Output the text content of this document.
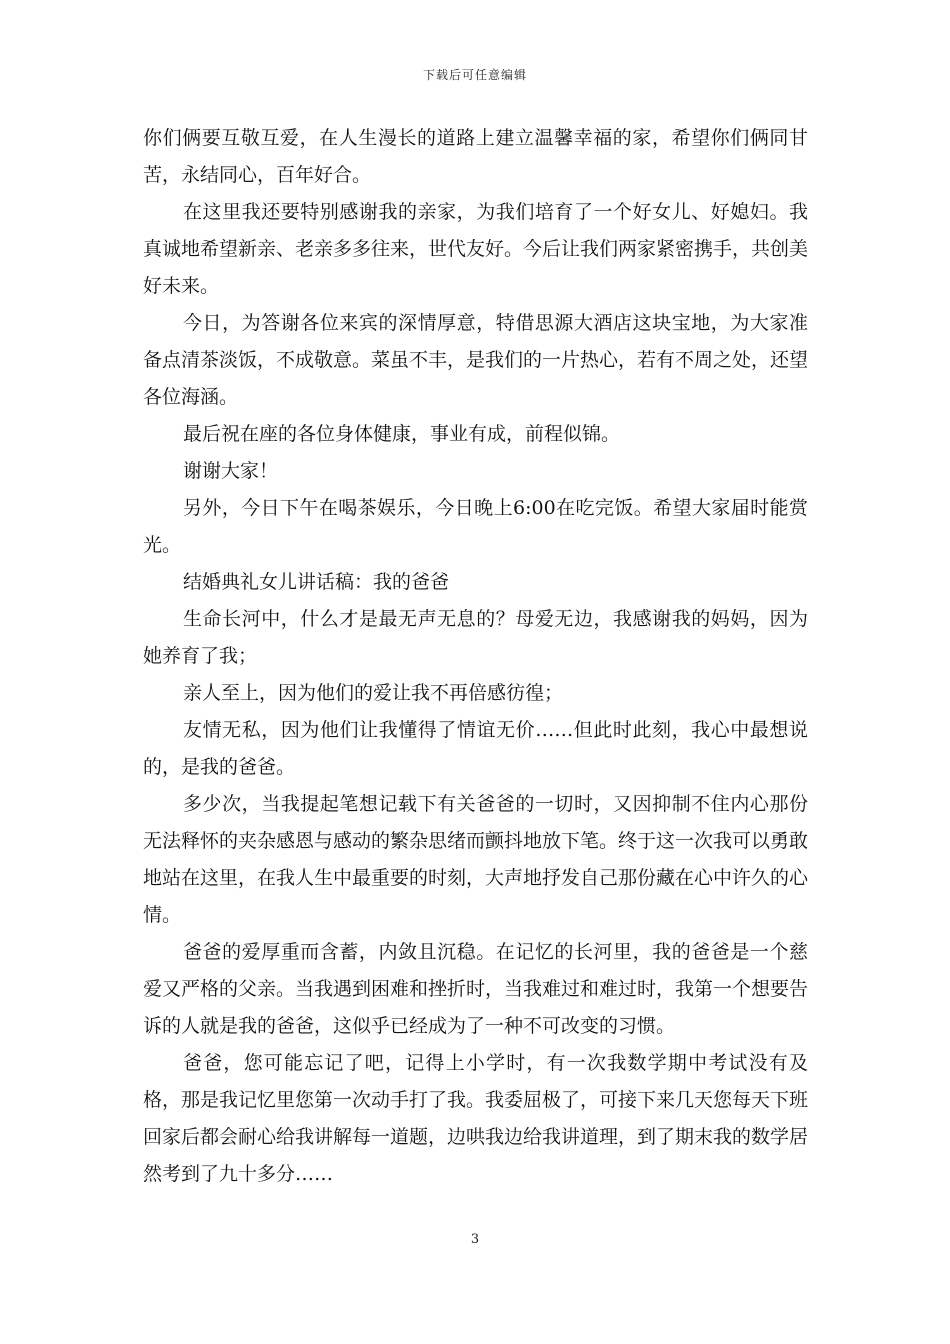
下载后可任意编辑

你们俩要互敬互爱，在人生漫长的道路上建立温馨幸福的家，希望你们俩同甘苦，永结同心，百年好合。

在这里我还要特别感谢我的亲家，为我们培育了一个好女儿、好媳妇。我真诚地希望新亲、老亲多多往来，世代友好。今后让我们两家紧密携手，共创美好未来。

今日，为答谢各位来宾的深情厚意，特借思源大酒店这块宝地，为大家准备点清茶淡饭，不成敬意。菜虽不丰，是我们的一片热心，若有不周之处，还望各位海涵。

最后祝在座的各位身体健康，事业有成，前程似锦。

谢谢大家！

另外，今日下午在喝茶娱乐，今日晚上6:00在吃完饭。希望大家届时能赏光。

结婚典礼女儿讲话稿：我的爸爸

生命长河中，什么才是最无声无息的？母爱无边，我感谢我的妈妈，因为她养育了我；

亲人至上，因为他们的爱让我不再倍感彷徨；

友情无私，因为他们让我懂得了情谊无价……但此时此刻，我心中最想说的，是我的爸爸。

多少次，当我提起笔想记载下有关爸爸的一切时，又因抑制不住内心那份无法释怀的夹杂感恩与感动的繁杂思绪而颤抖地放下笔。终于这一次我可以勇敢地站在这里，在我人生中最重要的时刻，大声地抒发自己那份藏在心中许久的心情。

爸爸的爱厚重而含蓄，内敛且沉稳。在记忆的长河里，我的爸爸是一个慈爱又严格的父亲。当我遇到困难和挫折时，当我难过和难过时，我第一个想要告诉的人就是我的爸爸，这似乎已经成为了一种不可改变的习惯。

爸爸，您可能忘记了吧，记得上小学时，有一次我数学期中考试没有及格，那是我记忆里您第一次动手打了我。我委屈极了，可接下来几天您每天下班回家后都会耐心给我讲解每一道题，边哄我边给我讲道理，到了期末我的数学居然考到了九十多分……

3
